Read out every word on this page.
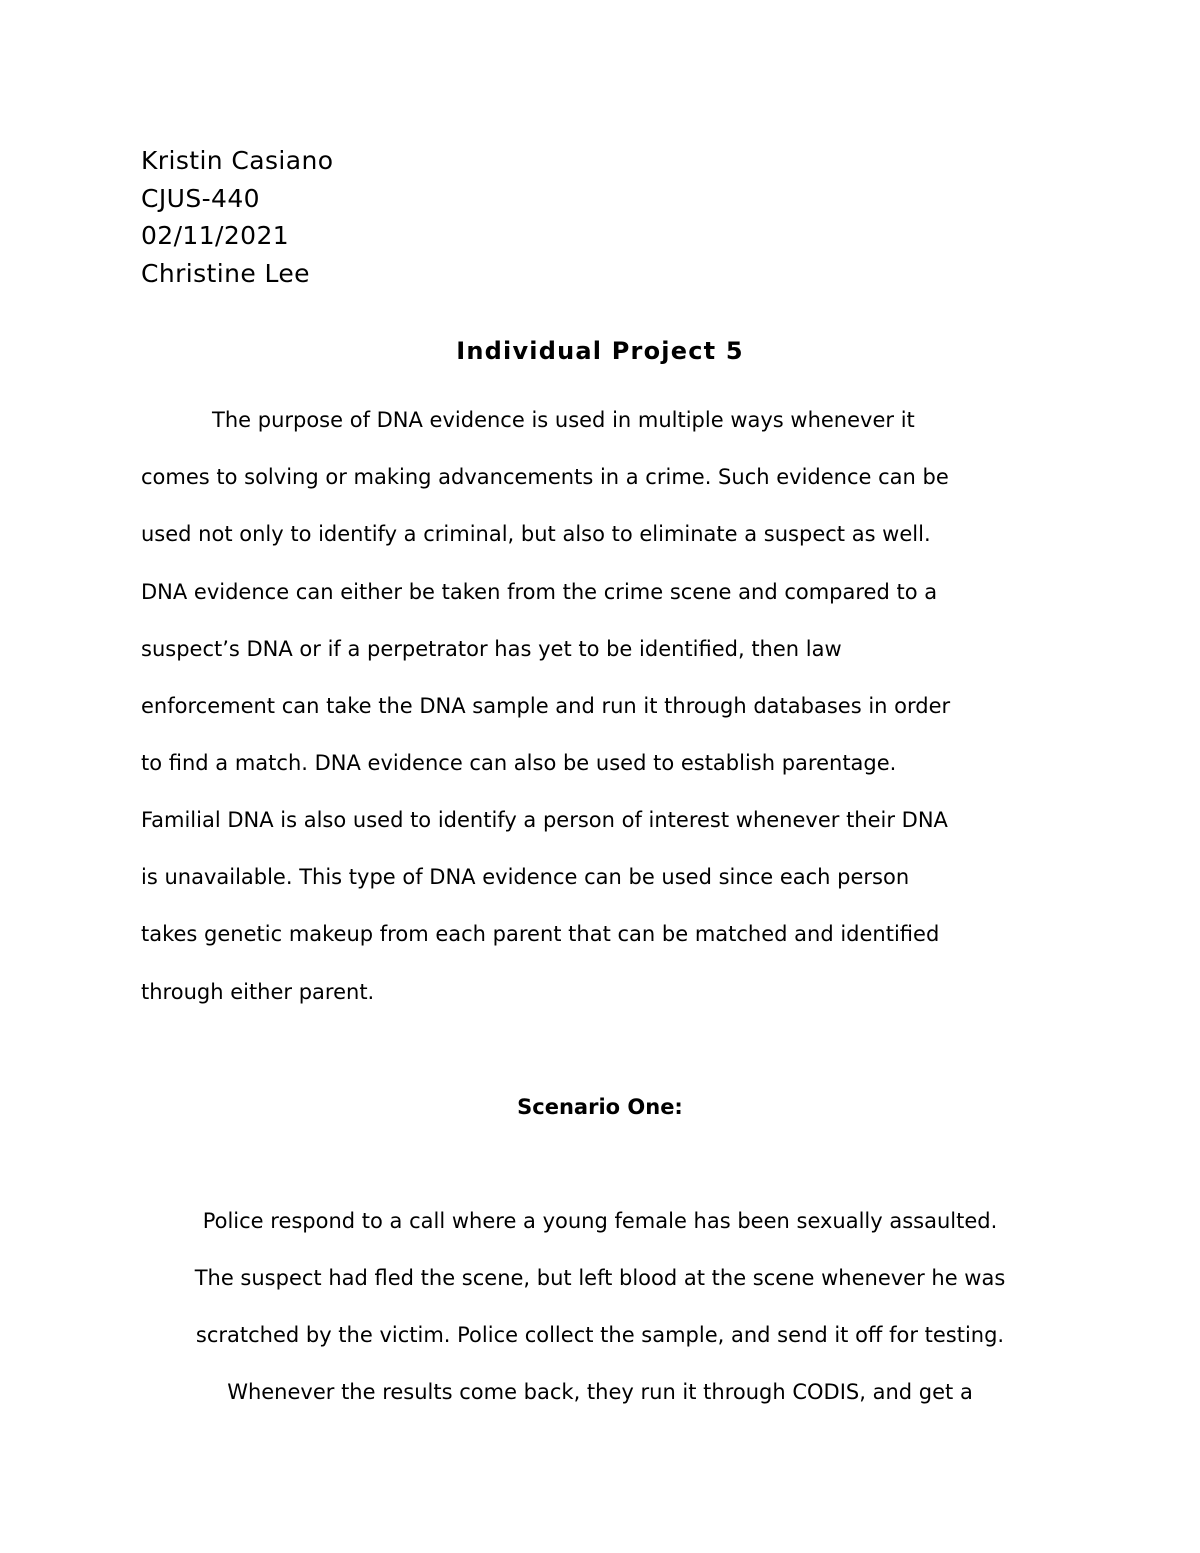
Kristin Casiano
CJUS-440
02/11/2021
Christine Lee
Individual Project 5
The purpose of DNA evidence is used in multiple ways whenever it
comes to solving or making advancements in a crime. Such evidence can be
used not only to identify a criminal, but also to eliminate a suspect as well.
DNA evidence can either be taken from the crime scene and compared to a
suspect’s DNA or if a perpetrator has yet to be identified, then law
enforcement can take the DNA sample and run it through databases in order
to find a match. DNA evidence can also be used to establish parentage.
Familial DNA is also used to identify a person of interest whenever their DNA
is unavailable. This type of DNA evidence can be used since each person
takes genetic makeup from each parent that can be matched and identified
through either parent.
Scenario One:
Police respond to a call where a young female has been sexually assaulted.
The suspect had fled the scene, but left blood at the scene whenever he was
scratched by the victim. Police collect the sample, and send it off for testing.
Whenever the results come back, they run it through CODIS, and get a
